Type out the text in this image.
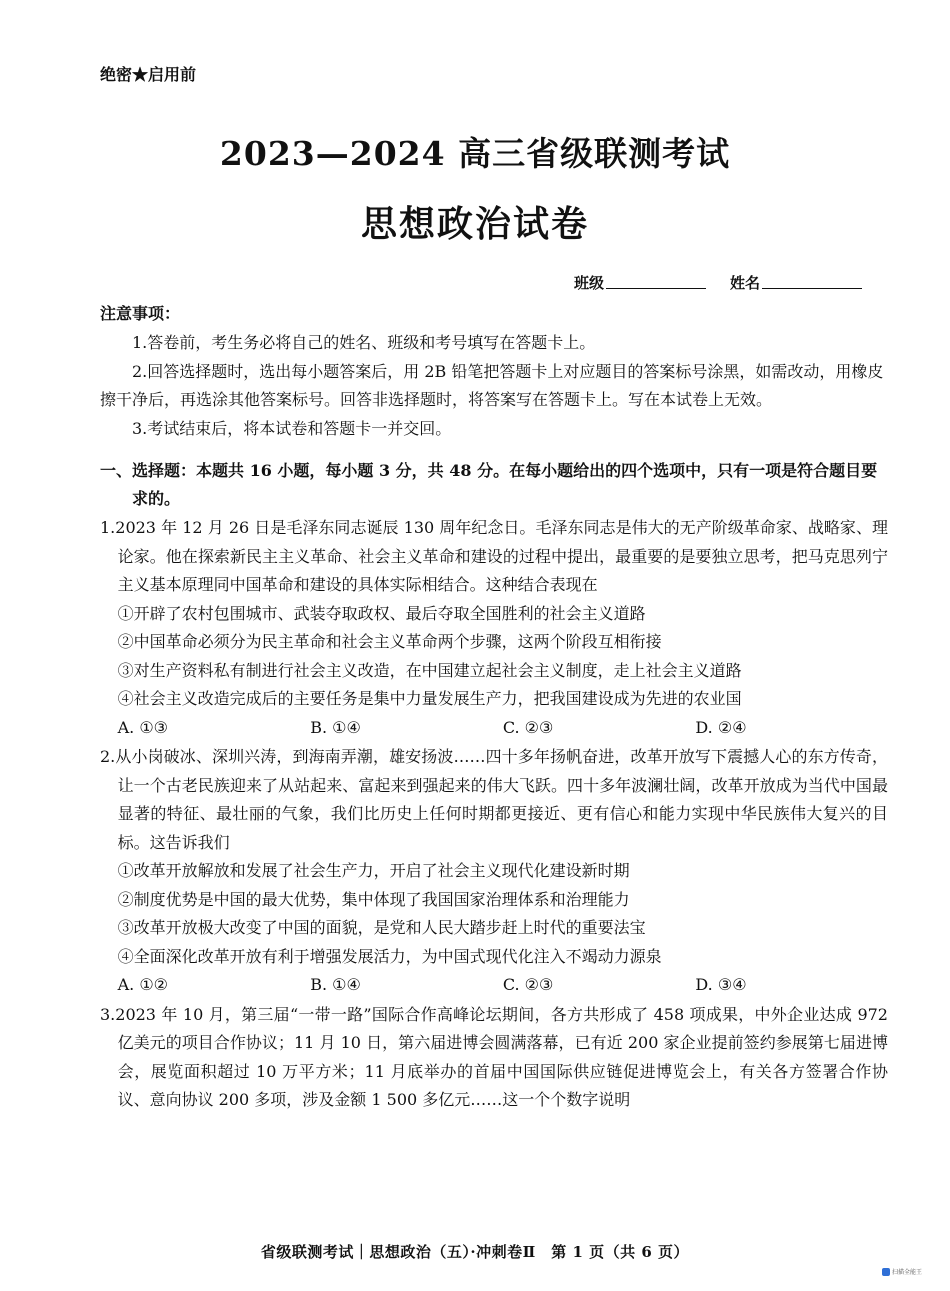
绝密★启用前
2023—2024 高三省级联测考试
思想政治试卷
班级	姓名
注意事项：
1.答卷前，考生务必将自己的姓名、班级和考号填写在答题卡上。
2.回答选择题时，选出每小题答案后，用 2B 铅笔把答题卡上对应题目的答案标号涂黑，如需改动，用橡皮擦干净后，再选涂其他答案标号。回答非选择题时，将答案写在答题卡上。写在本试卷上无效。
3.考试结束后，将本试卷和答题卡一并交回。
一、选择题：本题共 16 小题，每小题 3 分，共 48 分。在每小题给出的四个选项中，只有一项是符合题目要求的。
1.2023 年 12 月 26 日是毛泽东同志诞辰 130 周年纪念日。毛泽东同志是伟大的无产阶级革命家、战略家、理论家。他在探索新民主主义革命、社会主义革命和建设的过程中提出，最重要的是要独立思考，把马克思列宁主义基本原理同中国革命和建设的具体实际相结合。这种结合表现在
①开辟了农村包围城市、武装夺取政权、最后夺取全国胜利的社会主义道路
②中国革命必须分为民主革命和社会主义革命两个步骤，这两个阶段互相衔接
③对生产资料私有制进行社会主义改造，在中国建立起社会主义制度，走上社会主义道路
④社会主义改造完成后的主要任务是集中力量发展生产力，把我国建设成为先进的农业国
A. ①③	B. ①④	C. ②③	D. ②④
2.从小岗破冰、深圳兴涛，到海南弄潮，雄安扬波……四十多年扬帆奋进，改革开放写下震撼人心的东方传奇，让一个古老民族迎来了从站起来、富起来到强起来的伟大飞跃。四十多年波澜壮阔，改革开放成为当代中国最显著的特征、最壮丽的气象，我们比历史上任何时期都更接近、更有信心和能力实现中华民族伟大复兴的目标。这告诉我们
①改革开放解放和发展了社会生产力，开启了社会主义现代化建设新时期
②制度优势是中国的最大优势，集中体现了我国国家治理体系和治理能力
③改革开放极大改变了中国的面貌，是党和人民大踏步赶上时代的重要法宝
④全面深化改革开放有利于增强发展活力，为中国式现代化注入不竭动力源泉
A. ①②	B. ①④	C. ②③	D. ③④
3.2023 年 10 月，第三届“一带一路”国际合作高峰论坛期间，各方共形成了 458 项成果，中外企业达成 972 亿美元的项目合作协议；11 月 10 日，第六届进博会圆满落幕，已有近 200 家企业提前签约参展第七届进博会，展览面积超过 10 万平方米；11 月底举办的首届中国国际供应链促进博览会上，有关各方签署合作协议、意向协议 200 多项，涉及金额 1 500 多亿元……这一个个数字说明
省级联测考试｜思想政治（五）·冲刺卷Ⅱ　第 1 页（共 6 页）
扫描全能王
